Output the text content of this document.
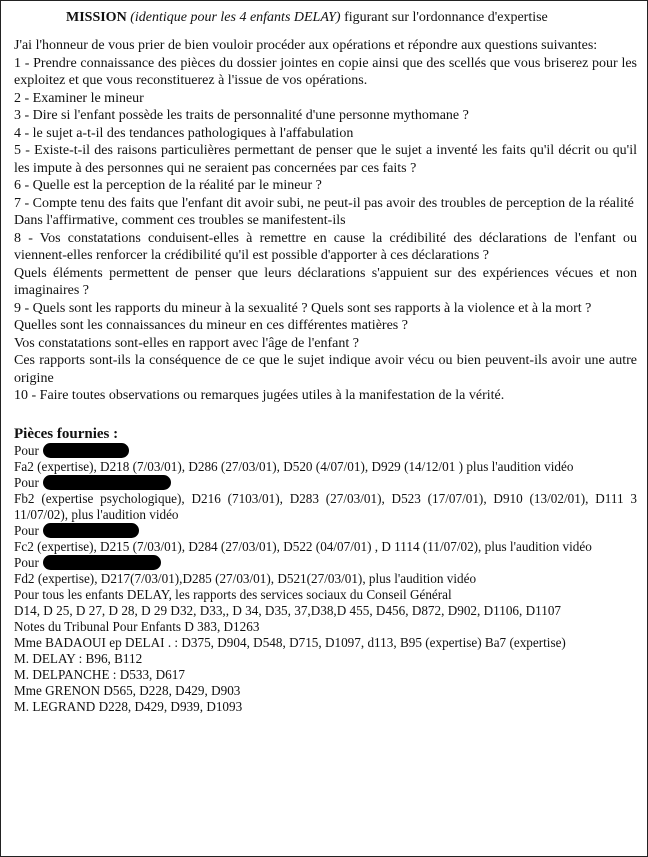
MISSION (identique pour les 4 enfants DELAY) figurant sur l'ordonnance d'expertise

J'ai l'honneur de vous prier de bien vouloir procéder aux opérations et répondre aux questions suivantes:

1 - Prendre connaissance des pièces du dossier jointes en copie ainsi que des scellés que vous briserez pour les exploitez et que vous reconstituerez à l'issue de vos opérations.

2 - Examiner le mineur

3 - Dire si l'enfant possède les traits de personnalité d'une personne mythomane ?

4 - le sujet a-t-il des tendances pathologiques à l'affabulation

5 - Existe-t-il des raisons particulières permettant de penser que le sujet a inventé les faits qu'il décrit ou qu'il les impute à des personnes qui ne seraient pas concernées par ces faits ?

6 - Quelle est la perception de la réalité par le mineur ?

7 - Compte tenu des faits que l'enfant dit avoir subi, ne peut-il pas avoir des troubles de perception de la réalité

Dans l'affirmative, comment ces troubles se manifestent-ils

8 - Vos constatations conduisent-elles à remettre en cause la crédibilité des déclarations de l'enfant ou viennent-elles renforcer la crédibilité qu'il est possible d'apporter à ces déclarations ?

Quels éléments permettent de penser que leurs déclarations s'appuient sur des expériences vécues et non imaginaires ?

9 - Quels sont les rapports du mineur à la sexualité ? Quels sont ses rapports à la violence et à la mort ?

Quelles sont les connaissances du mineur en ces différentes matières ?

Vos constatations sont-elles en rapport avec l'âge de l'enfant ?

Ces rapports sont-ils la conséquence de ce que le sujet indique avoir vécu ou bien peuvent-ils avoir une autre origine

10 - Faire toutes observations ou remarques jugées utiles à la manifestation de la vérité.

Pièces fournies :

Pour

Fa2 (expertise), D218 (7/03/01), D286 (27/03/01), D520 (4/07/01), D929 (14/12/01 ) plus l'audition vidéo

Pour

Fb2 (expertise psychologique), D216 (7103/01), D283 (27/03/01), D523 (17/07/01), D910 (13/02/01), D111 3 11/07/02), plus l'audition vidéo

Pour

Fc2 (expertise), D215 (7/03/01), D284 (27/03/01), D522 (04/07/01) , D 1114 (11/07/02), plus l'audition vidéo

Pour

Fd2 (expertise), D217(7/03/01),D285 (27/03/01), D521(27/03/01), plus l'audition vidéo

Pour tous les enfants DELAY, les rapports des services sociaux du Conseil Général

D14, D 25, D 27, D 28, D 29 D32, D33,, D 34, D35, 37,D38,D 455, D456, D872, D902, D1106, D1107

Notes du Tribunal Pour Enfants D 383, D1263

Mme BADAOUI ep DELAI . : D375, D904, D548, D715, D1097, d113, B95 (expertise) Ba7 (expertise)

M. DELAY : B96, B112

M. DELPANCHE : D533, D617

Mme GRENON D565, D228, D429, D903

M. LEGRAND D228, D429, D939, D1093
